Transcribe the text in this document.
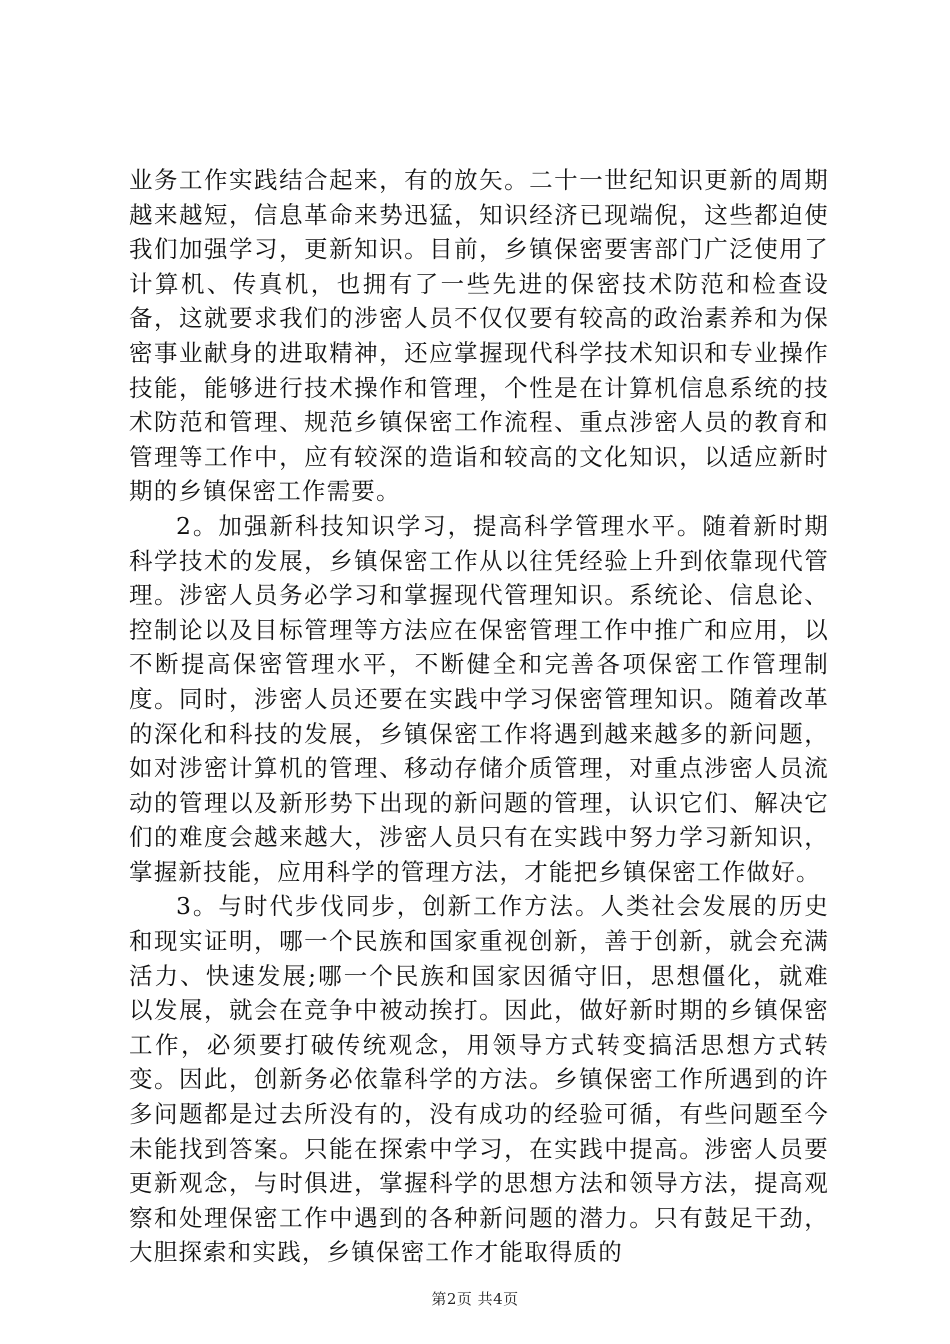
业务工作实践结合起来，有的放矢。二十一世纪知识更新的周期越来越短，信息革命来势迅猛，知识经济已现端倪，这些都迫使我们加强学习，更新知识。目前，乡镇保密要害部门广泛使用了计算机、传真机，也拥有了一些先进的保密技术防范和检查设备，这就要求我们的涉密人员不仅仅要有较高的政治素养和为保密事业献身的进取精神，还应掌握现代科学技术知识和专业操作技能，能够进行技术操作和管理，个性是在计算机信息系统的技术防范和管理、规范乡镇保密工作流程、重点涉密人员的教育和管理等工作中，应有较深的造诣和较高的文化知识，以适应新时期的乡镇保密工作需要。

2。加强新科技知识学习，提高科学管理水平。随着新时期科学技术的发展，乡镇保密工作从以往凭经验上升到依靠现代管理。涉密人员务必学习和掌握现代管理知识。系统论、信息论、控制论以及目标管理等方法应在保密管理工作中推广和应用，以不断提高保密管理水平，不断健全和完善各项保密工作管理制度。同时，涉密人员还要在实践中学习保密管理知识。随着改革的深化和科技的发展，乡镇保密工作将遇到越来越多的新问题，如对涉密计算机的管理、移动存储介质管理，对重点涉密人员流动的管理以及新形势下出现的新问题的管理，认识它们、解决它们的难度会越来越大，涉密人员只有在实践中努力学习新知识，掌握新技能，应用科学的管理方法，才能把乡镇保密工作做好。

3。与时代步伐同步，创新工作方法。人类社会发展的历史和现实证明，哪一个民族和国家重视创新，善于创新，就会充满活力、快速发展;哪一个民族和国家因循守旧，思想僵化，就难以发展，就会在竞争中被动挨打。因此，做好新时期的乡镇保密工作，必须要打破传统观念，用领导方式转变搞活思想方式转变。因此，创新务必依靠科学的方法。乡镇保密工作所遇到的许多问题都是过去所没有的，没有成功的经验可循，有些问题至今未能找到答案。只能在探索中学习，在实践中提高。涉密人员要更新观念，与时俱进，掌握科学的思想方法和领导方法，提高观察和处理保密工作中遇到的各种新问题的潜力。只有鼓足干劲，大胆探索和实践，乡镇保密工作才能取得质的

第2页 共4页
